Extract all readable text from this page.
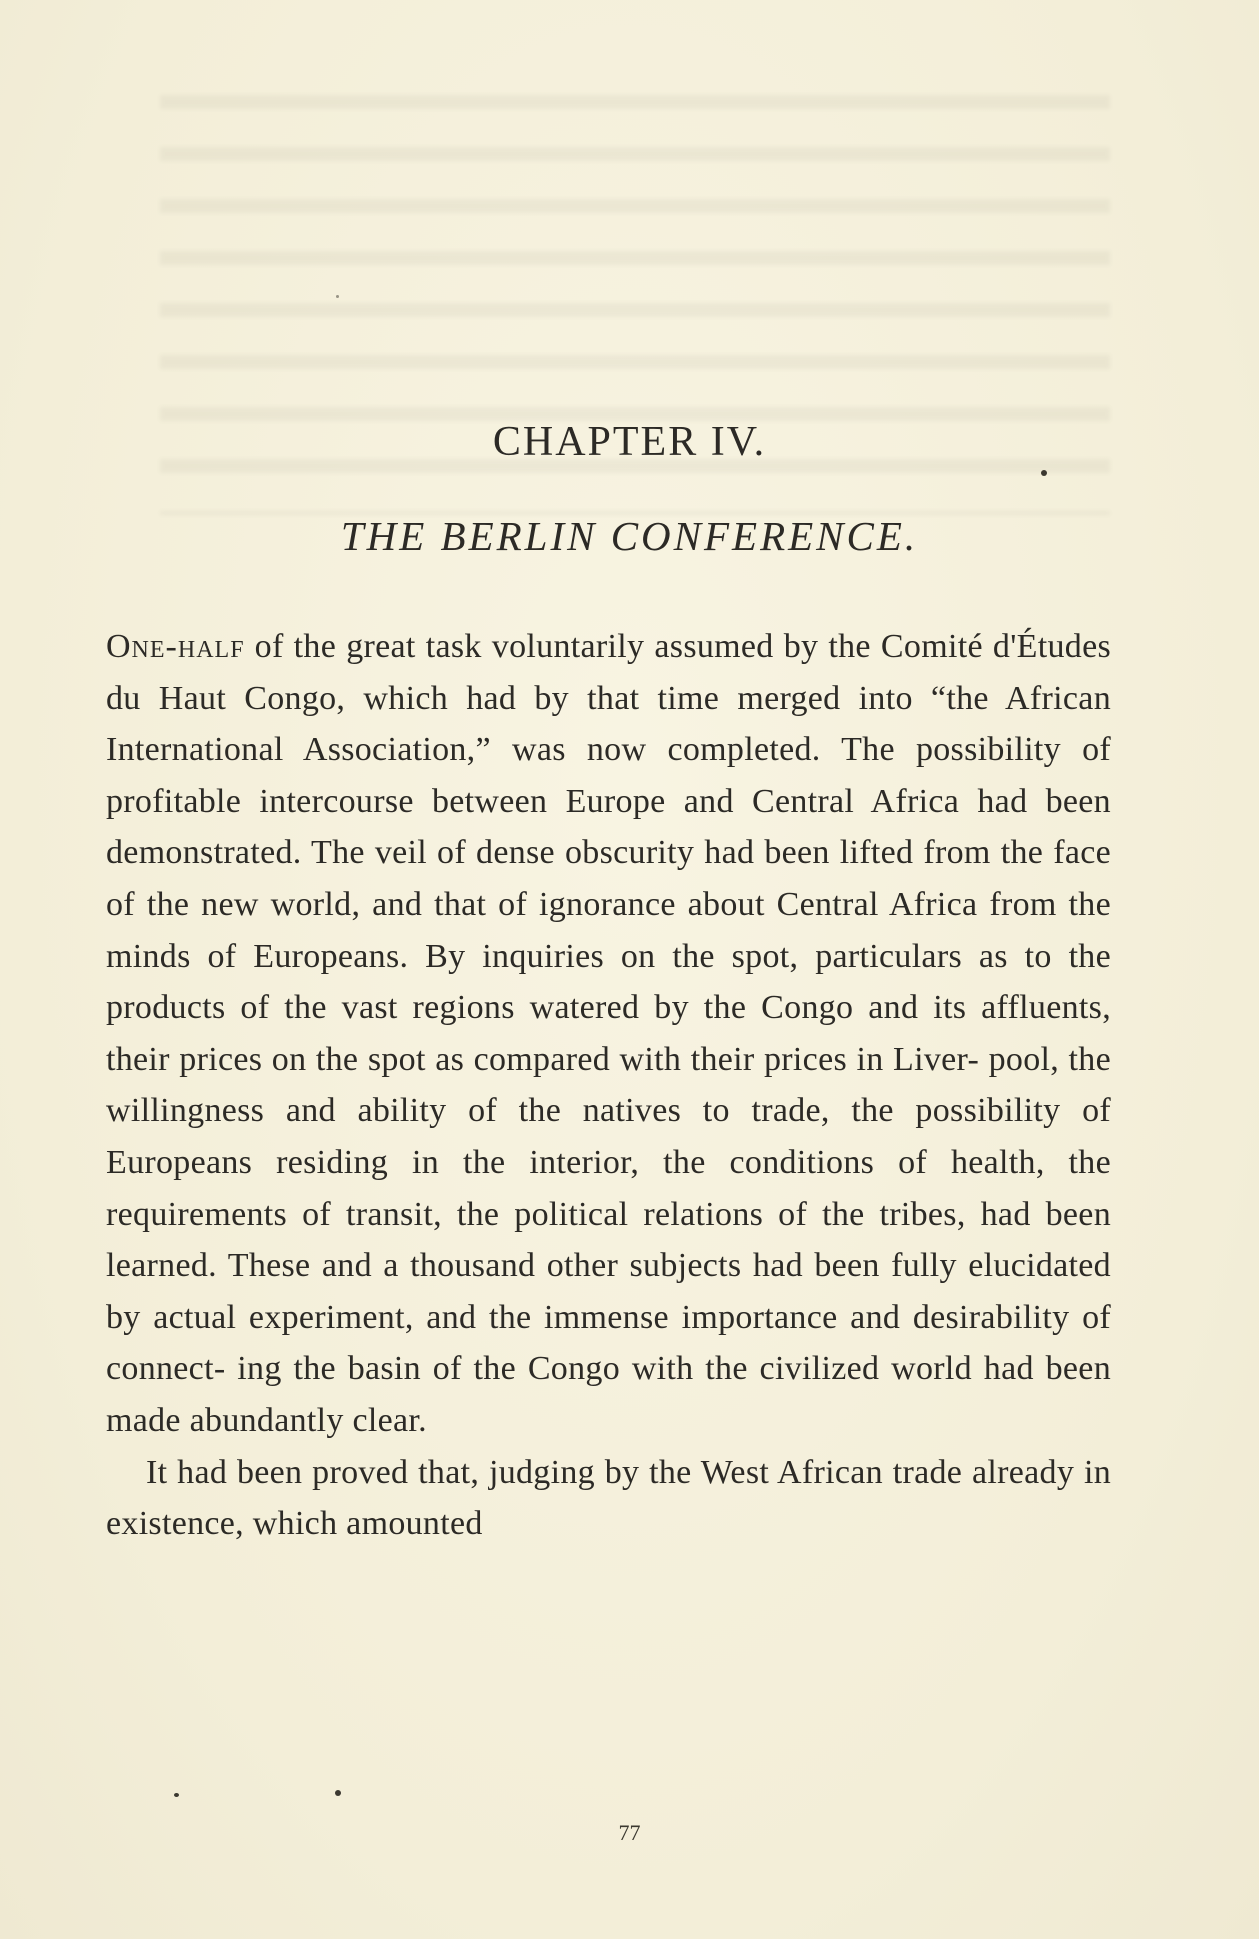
CHAPTER IV.
THE BERLIN CONFERENCE.

One-half of the great task voluntarily assumed by the Comité d'Études du Haut Congo, which had by that time merged into “the African International Association,” was now completed. The possibility of profitable intercourse between Europe and Central Africa had been demonstrated. The veil of dense obscurity had been lifted from the face of the new world, and that of ignorance about Central Africa from the minds of Europeans. By inquiries on the spot, particulars as to the products of the vast regions watered by the Congo and its affluents, their prices on the spot as compared with their prices in Liver- pool, the willingness and ability of the natives to trade, the possibility of Europeans residing in the interior, the conditions of health, the requirements of transit, the political relations of the tribes, had been learned. These and a thousand other subjects had been fully elucidated by actual experiment, and the immense importance and desirability of connect- ing the basin of the Congo with the civilized world had been made abundantly clear.

It had been proved that, judging by the West African trade already in existence, which amounted

77
